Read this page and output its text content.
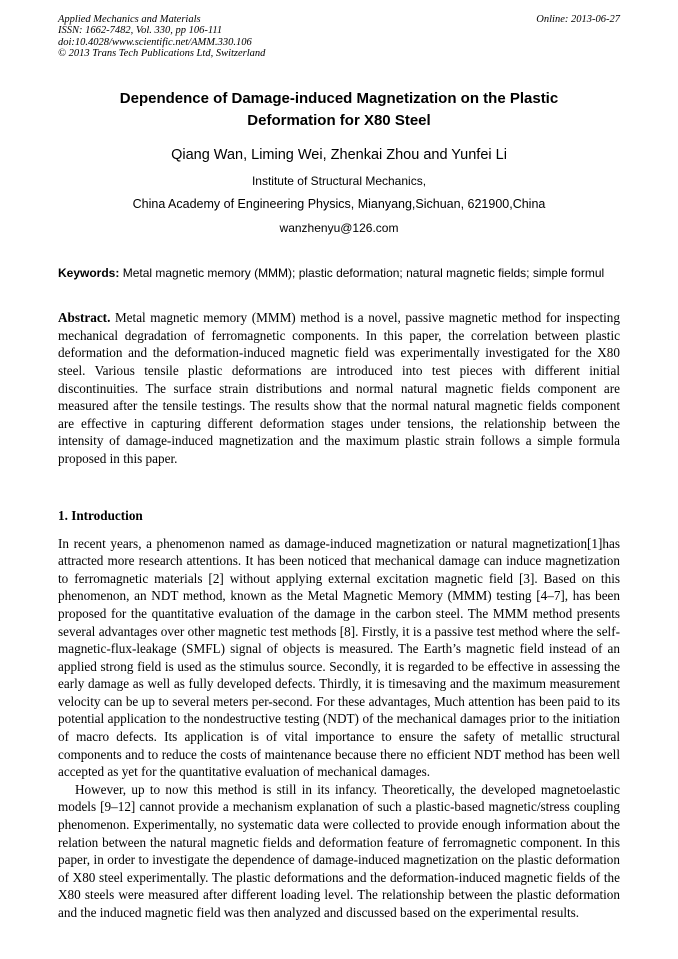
Applied Mechanics and Materials
ISSN: 1662-7482, Vol. 330, pp 106-111
doi:10.4028/www.scientific.net/AMM.330.106
© 2013 Trans Tech Publications Ltd, Switzerland
Online: 2013-06-27
Dependence of Damage-induced Magnetization on the Plastic Deformation for X80 Steel
Qiang Wan, Liming Wei, Zhenkai Zhou and Yunfei Li
Institute of Structural Mechanics,
China Academy of Engineering Physics, Mianyang,Sichuan, 621900,China
wanzhenyu@126.com

Keywords: Metal magnetic memory (MMM); plastic deformation; natural magnetic fields; simple formul

Abstract. Metal magnetic memory (MMM) method is a novel, passive magnetic method for inspecting mechanical degradation of ferromagnetic components. In this paper, the correlation between plastic deformation and the deformation-induced magnetic field was experimentally investigated for the X80 steel. Various tensile plastic deformations are introduced into test pieces with different initial discontinuities. The surface strain distributions and normal natural magnetic fields component are measured after the tensile testings. The results show that the normal natural magnetic fields component are effective in capturing different deformation stages under tensions, the relationship between the intensity of damage-induced magnetization and the maximum plastic strain follows a simple formula proposed in this paper.

1. Introduction

In recent years, a phenomenon named as damage-induced magnetization or natural magnetization[1]has attracted more research attentions. It has been noticed that mechanical damage can induce magnetization to ferromagnetic materials [2] without applying external excitation magnetic field [3]. Based on this phenomenon, an NDT method, known as the Metal Magnetic Memory (MMM) testing [4–7], has been proposed for the quantitative evaluation of the damage in the carbon steel. The MMM method presents several advantages over other magnetic test methods [8]. Firstly, it is a passive test method where the self-magnetic-flux-leakage (SMFL) signal of objects is measured. The Earth’s magnetic field instead of an applied strong field is used as the stimulus source. Secondly, it is regarded to be effective in assessing the early damage as well as fully developed defects. Thirdly, it is timesaving and the maximum measurement velocity can be up to several meters per-second. For these advantages, Much attention has been paid to its potential application to the nondestructive testing (NDT) of the mechanical damages prior to the initiation of macro defects. Its application is of vital importance to ensure the safety of metallic structural components and to reduce the costs of maintenance because there no efficient NDT method has been well accepted as yet for the quantitative evaluation of mechanical damages.

However, up to now this method is still in its infancy. Theoretically, the developed magnetoelastic models [9–12] cannot provide a mechanism explanation of such a plastic-based magnetic/stress coupling phenomenon. Experimentally, no systematic data were collected to provide enough information about the relation between the natural magnetic fields and deformation feature of ferromagnetic component. In this paper, in order to investigate the dependence of damage-induced magnetization on the plastic deformation of X80 steel experimentally. The plastic deformations and the deformation-induced magnetic fields of the X80 steels were measured after different loading level. The relationship between the plastic deformation and the induced magnetic field was then analyzed and discussed based on the experimental results.
